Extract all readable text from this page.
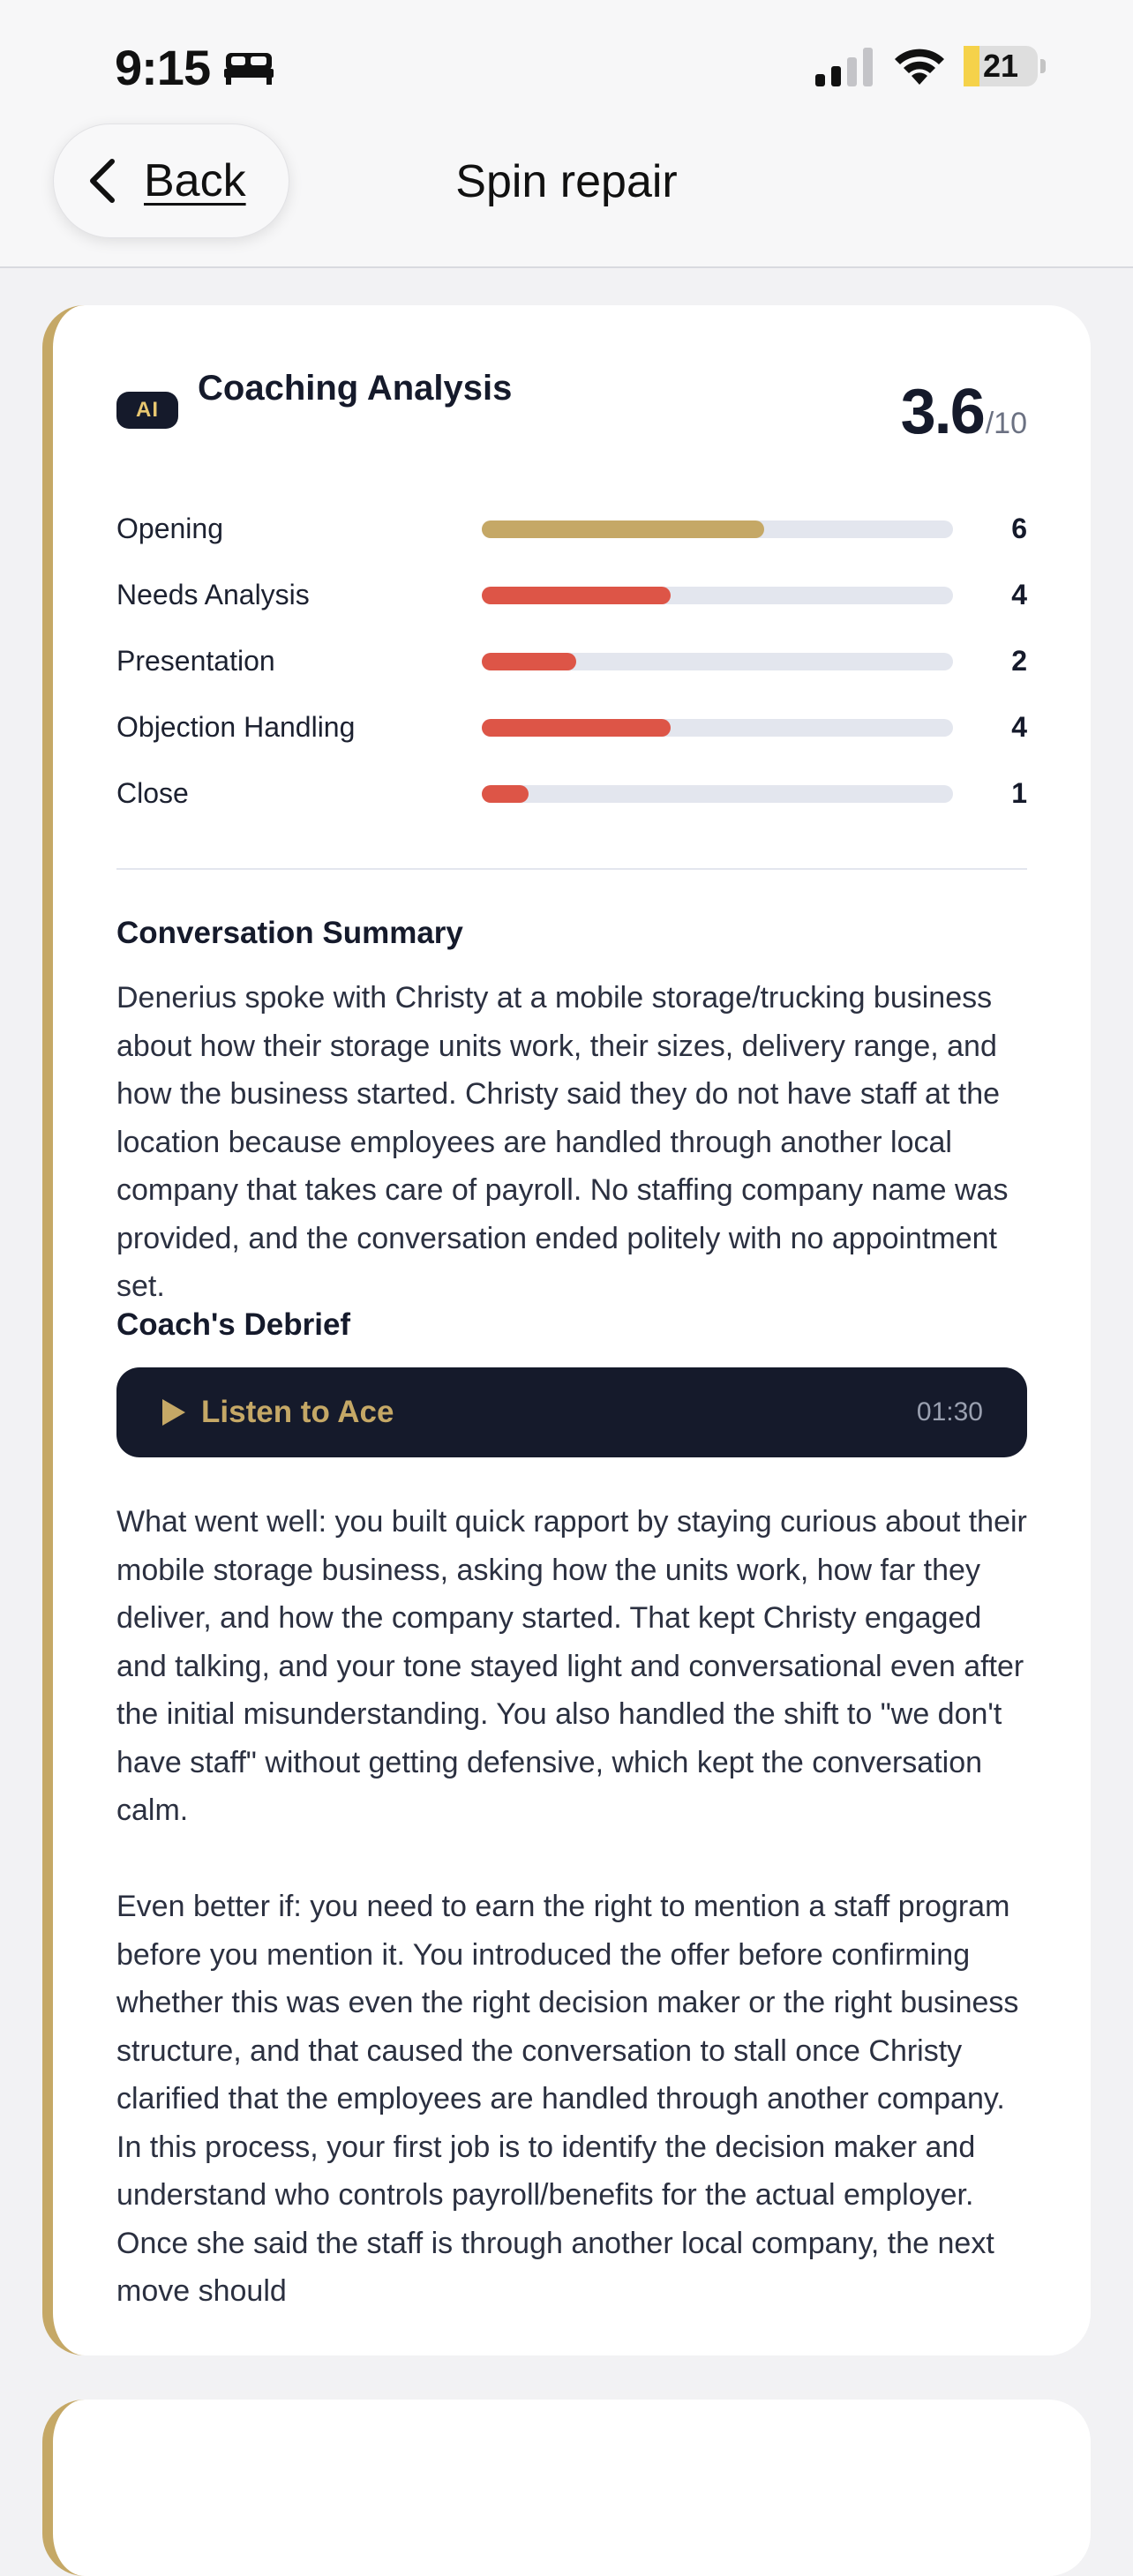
9:15	21
Spin repair
Back
AI
Coaching Analysis	3.6 /10
Opening	6
Needs Analysis	4
Presentation	2
Objection Handling	4
Close	1
Conversation Summary
Denerius spoke with Christy at a mobile storage/trucking business about how their storage units work, their sizes, delivery range, and how the business started. Christy said they do not have staff at the location because employees are handled through another local company that takes care of payroll. No staffing company name was provided, and the conversation ended politely with no appointment set.
Coach's Debrief
Listen to Ace	01:30

What went well: you built quick rapport by staying curious about their mobile storage business, asking how the units work, how far they deliver, and how the company started. That kept Christy engaged and talking, and your tone stayed light and conversational even after the initial misunderstanding. You also handled the shift to "we don't have staff" without getting defensive, which kept the conversation calm.

Even better if: you need to earn the right to mention a staff program before you mention it. You introduced the offer before confirming whether this was even the right decision maker or the right business structure, and that caused the conversation to stall once Christy clarified that the employees are handled through another company. In this process, your first job is to identify the decision maker and understand who controls payroll/benefits for the actual employer. Once she said the staff is through another local company, the next move should
